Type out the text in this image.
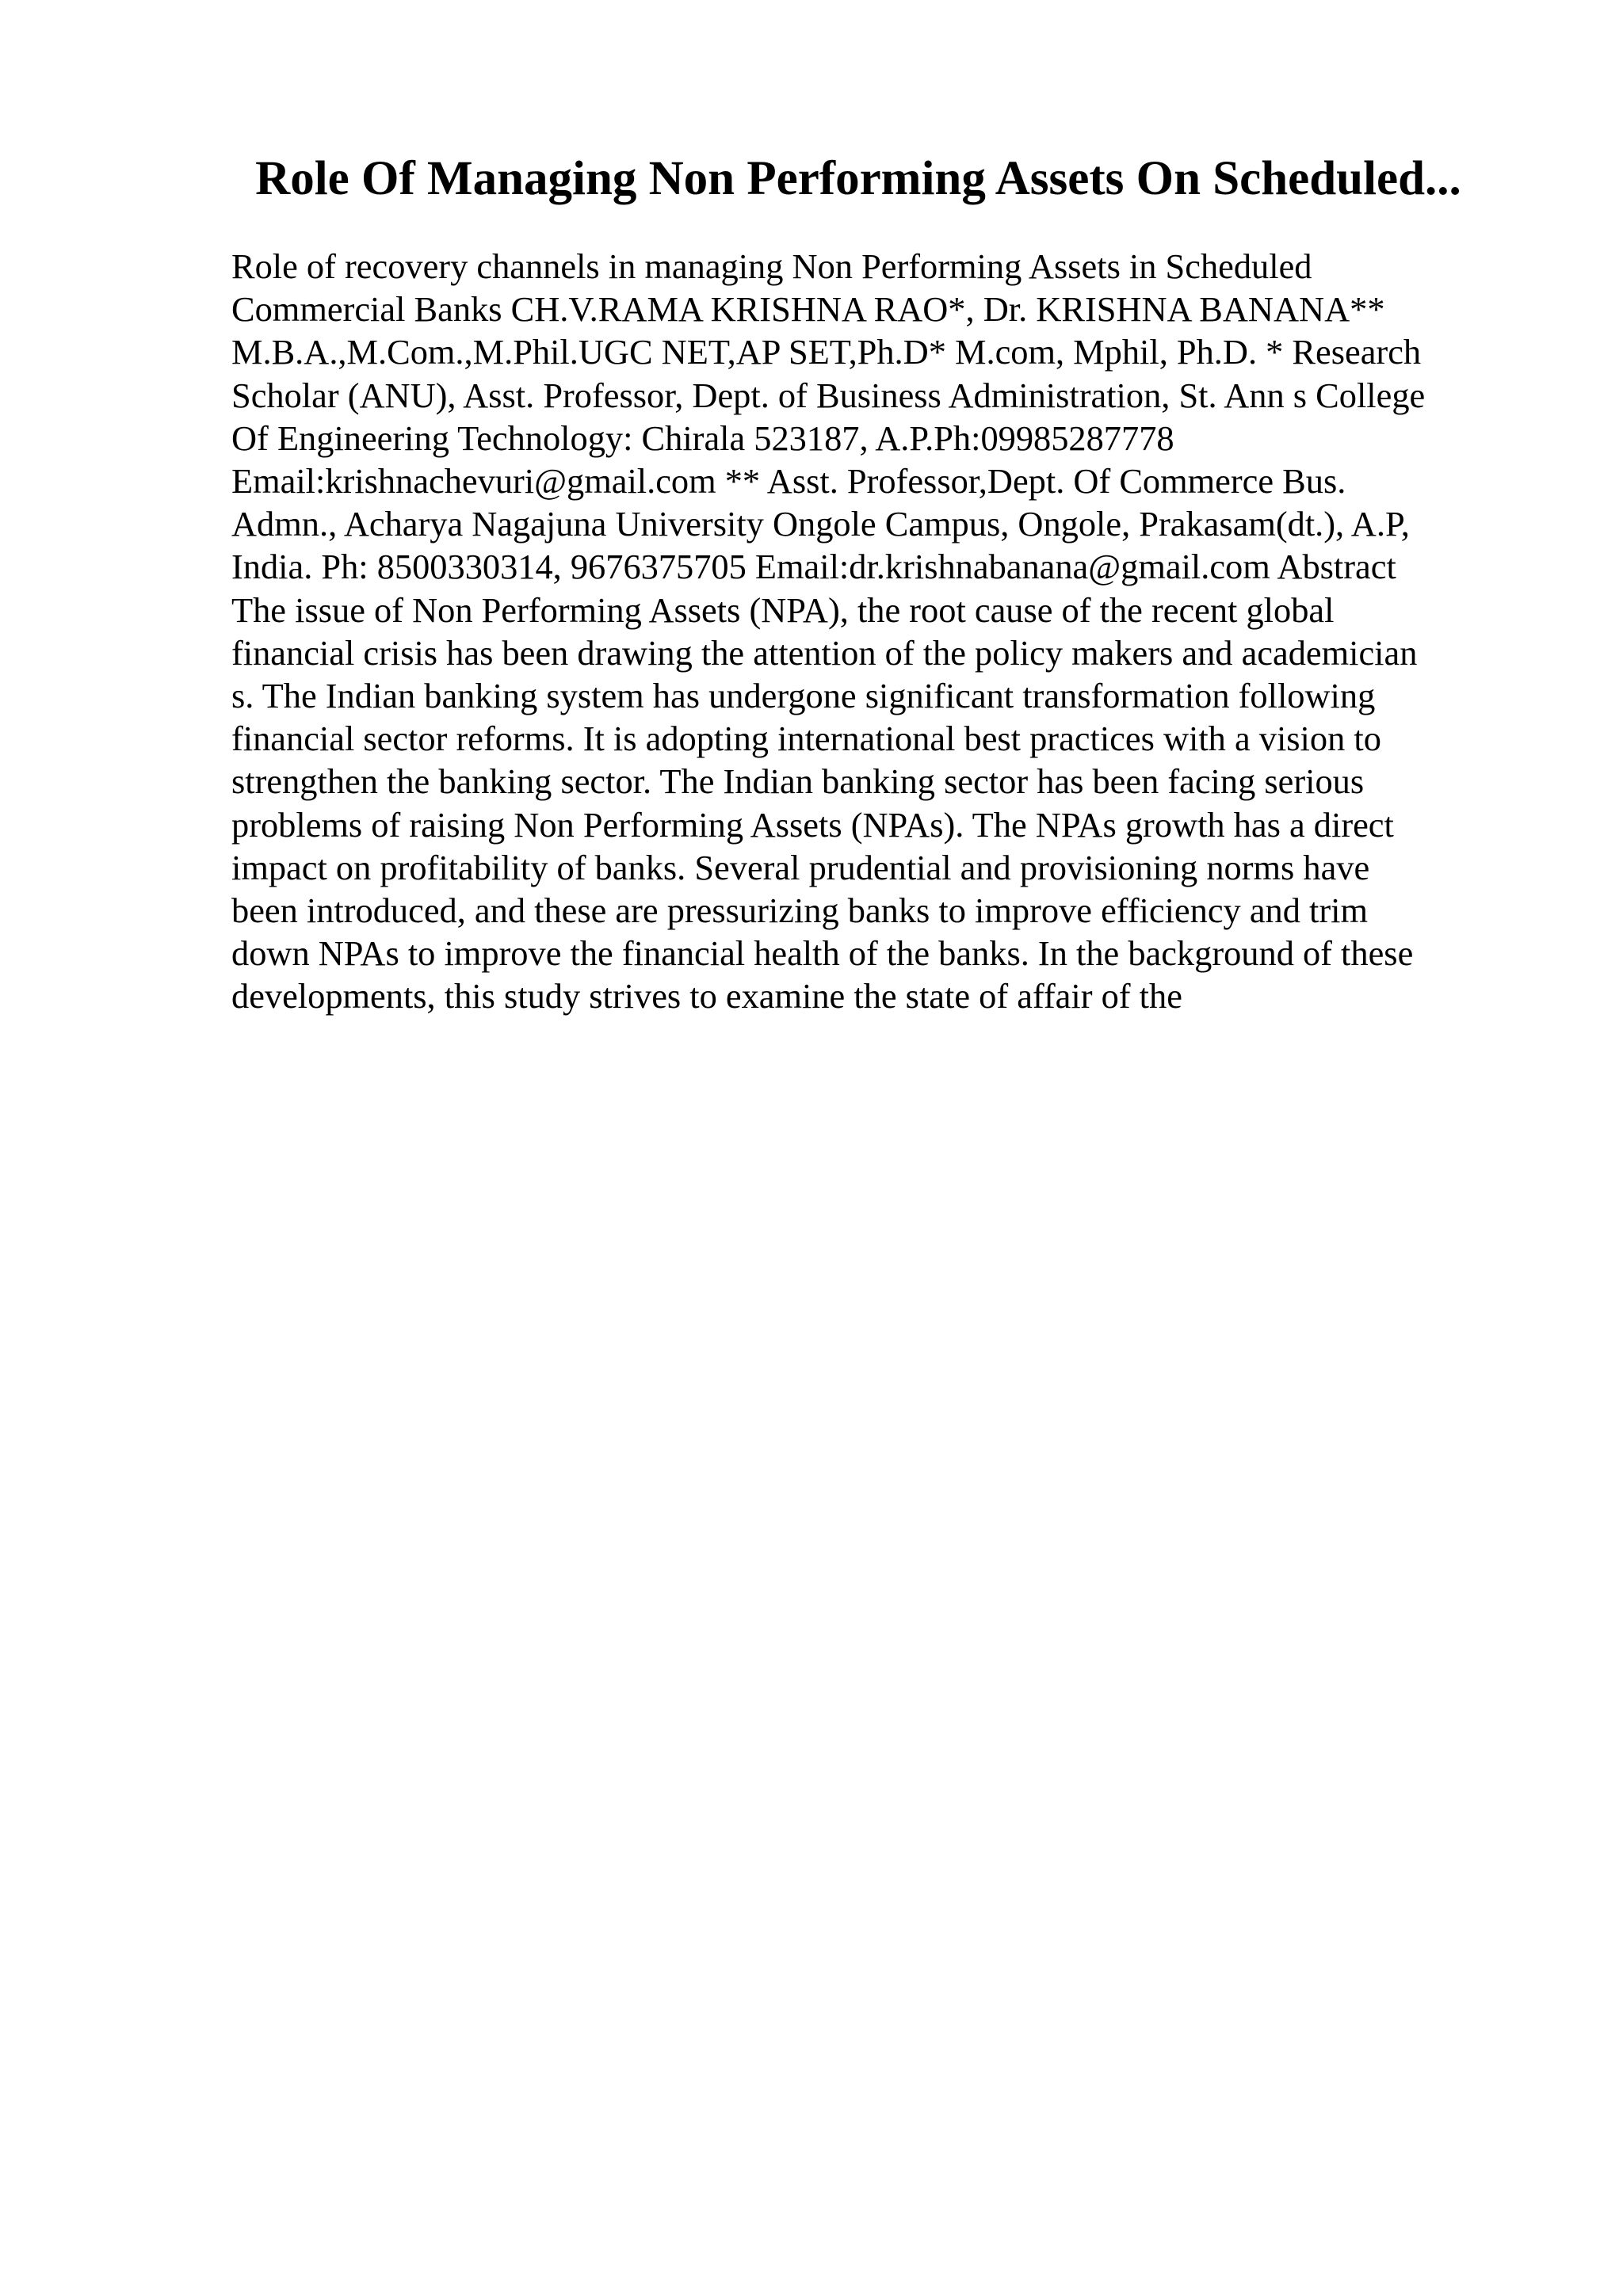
Role Of Managing Non Performing Assets On Scheduled...
Role of recovery channels in managing Non Performing Assets in Scheduled
Commercial Banks CH.V.RAMA KRISHNA RAO*, Dr. KRISHNA BANANA**
M.B.A.,M.Com.,M.Phil.UGC NET,AP SET,Ph.D* M.com, Mphil, Ph.D. * Research
Scholar (ANU), Asst. Professor, Dept. of Business Administration, St. Ann s College
Of Engineering Technology: Chirala 523187, A.P.Ph:09985287778
Email:krishnachevuri@gmail.com ** Asst. Professor,Dept. Of Commerce Bus.
Admn., Acharya Nagajuna University Ongole Campus, Ongole, Prakasam(dt.), A.P,
India. Ph: 8500330314, 9676375705 Email:dr.krishnabanana@gmail.com Abstract
The issue of Non Performing Assets (NPA), the root cause of the recent global
financial crisis has been drawing the attention of the policy makers and academician
s. The Indian banking system has undergone significant transformation following
financial sector reforms. It is adopting international best practices with a vision to
strengthen the banking sector. The Indian banking sector has been facing serious
problems of raising Non Performing Assets (NPAs). The NPAs growth has a direct
impact on profitability of banks. Several prudential and provisioning norms have
been introduced, and these are pressurizing banks to improve efficiency and trim
down NPAs to improve the financial health of the banks. In the background of these
developments, this study strives to examine the state of affair of the
